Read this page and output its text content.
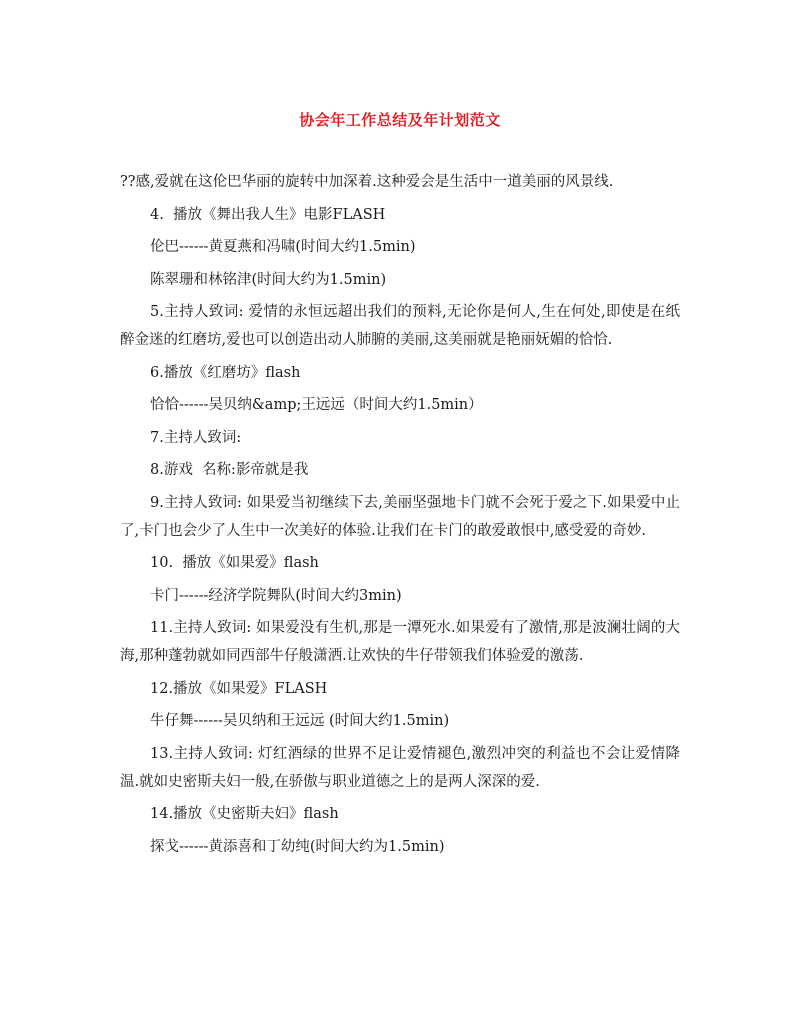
协会年工作总结及年计划范文

??感,爱就在这伦巴华丽的旋转中加深着.这种爱会是生活中一道美丽的风景线.

4.  播放《舞出我人生》电影FLASH

伦巴------黄夏燕和冯啸(时间大约1.5min)

陈翠珊和林铭津(时间大约为1.5min)

5.主持人致词: 爱情的永恒远超出我们的预料,无论你是何人,生在何处,即使是在纸醉金迷的红磨坊,爱也可以创造出动人肺腑的美丽,这美丽就是艳丽妩媚的恰恰.

6.播放《红磨坊》flash

恰恰------吴贝纳&amp;王远远（时间大约1.5min）

7.主持人致词:

8.游戏  名称:影帝就是我

9.主持人致词: 如果爱当初继续下去,美丽坚强地卡门就不会死于爱之下.如果爱中止了,卡门也会少了人生中一次美好的体验.让我们在卡门的敢爱敢恨中,感受爱的奇妙.

10.  播放《如果爱》flash

卡门------经济学院舞队(时间大约3min)

11.主持人致词: 如果爱没有生机,那是一潭死水.如果爱有了激情,那是波澜壮阔的大海,那种蓬勃就如同西部牛仔般潇洒.让欢快的牛仔带领我们体验爱的激荡.

12.播放《如果爱》FLASH

牛仔舞------吴贝纳和王远远 (时间大约1.5min)

13.主持人致词: 灯红酒绿的世界不足让爱情褪色,激烈冲突的利益也不会让爱情降温.就如史密斯夫妇一般,在骄傲与职业道德之上的是两人深深的爱.

14.播放《史密斯夫妇》flash

探戈------黄添喜和丁幼纯(时间大约为1.5min)
